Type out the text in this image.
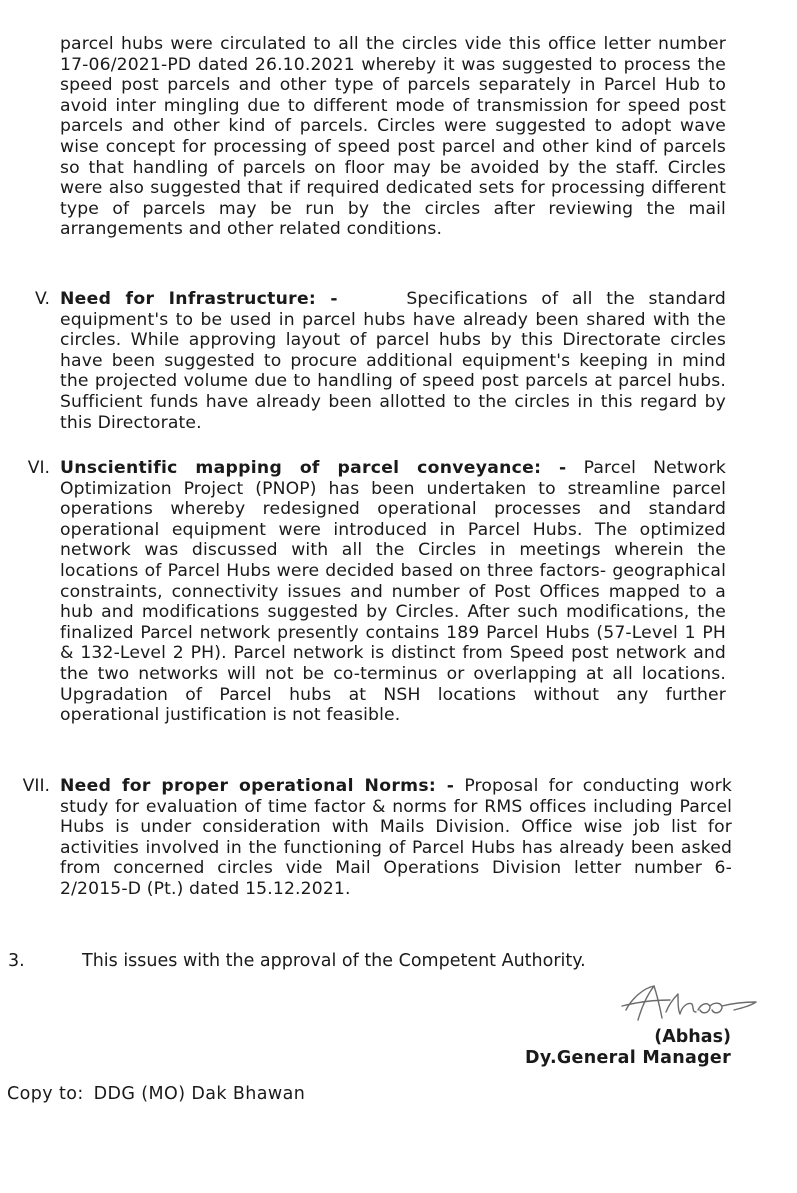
parcel hubs were circulated to all the circles vide this office letter number 17-06/2021-PD dated 26.10.2021 whereby it was suggested to process the speed post parcels and other type of parcels separately in Parcel Hub to avoid inter mingling due to different mode of transmission for speed post parcels and other kind of parcels. Circles were suggested to adopt wave wise concept for processing of speed post parcel and other kind of parcels so that handling of parcels on floor may be avoided by the staff. Circles were also suggested that if required dedicated sets for processing different type of parcels may be run by the circles after reviewing the mail arrangements and other related conditions.
V. Need for Infrastructure: -	Specifications of all the standard equipment's to be used in parcel hubs have already been shared with the circles. While approving layout of parcel hubs by this Directorate circles have been suggested to procure additional equipment's keeping in mind the projected volume due to handling of speed post parcels at parcel hubs. Sufficient funds have already been allotted to the circles in this regard by this Directorate.
VI. Unscientific mapping of parcel conveyance: - Parcel Network Optimization Project (PNOP) has been undertaken to streamline parcel operations whereby redesigned operational processes and standard operational equipment were introduced in Parcel Hubs. The optimized network was discussed with all the Circles in meetings wherein the locations of Parcel Hubs were decided based on three factors- geographical constraints, connectivity issues and number of Post Offices mapped to a hub and modifications suggested by Circles. After such modifications, the finalized Parcel network presently contains 189 Parcel Hubs (57-Level 1 PH & 132-Level 2 PH). Parcel network is distinct from Speed post network and the two networks will not be co-terminus or overlapping at all locations. Upgradation of Parcel hubs at NSH locations without any further operational justification is not feasible.
VII. Need for proper operational Norms: - Proposal for conducting work study for evaluation of time factor & norms for RMS offices including Parcel Hubs is under consideration with Mails Division. Office wise job list for activities involved in the functioning of Parcel Hubs has already been asked from concerned circles vide Mail Operations Division letter number 6-2/2015-D (Pt.) dated 15.12.2021.
3.	This issues with the approval of the Competent Authority.
(Abhas)
Dy.General Manager
Copy to: DDG (MO) Dak Bhawan
